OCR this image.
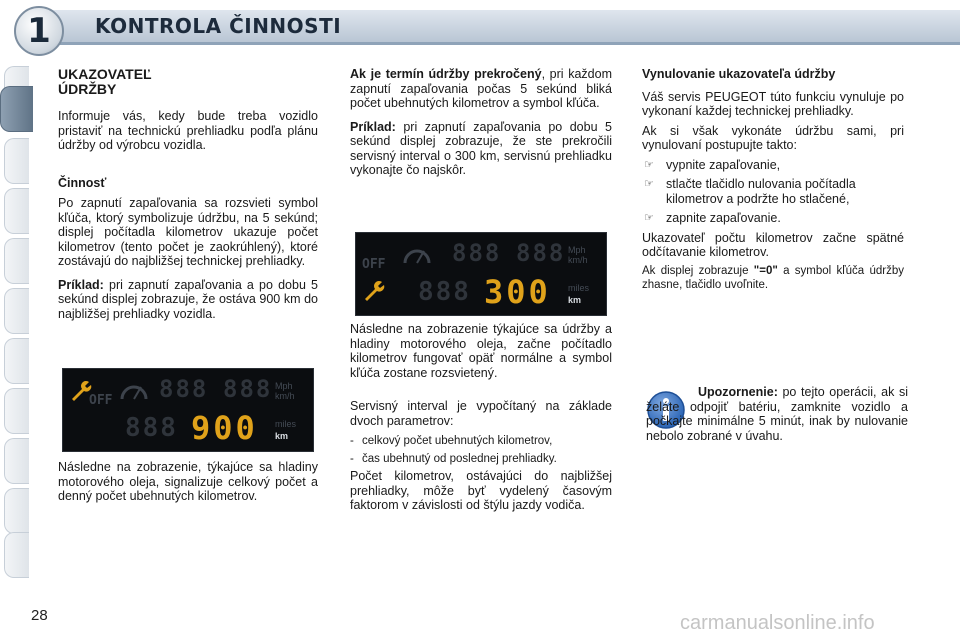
1	KONTROLA ČINNOSTI
UKAZOVATEĽ
ÚDRŽBY

Informuje vás, kedy bude treba vozidlo pristaviť na technickú prehliadku podľa plánu údržby od výrobcu vozidla.

Činnosť

Po zapnutí zapaľovania sa rozsvieti symbol kľúča, ktorý symbolizuje údržbu, na 5 sekúnd; displej počítadla kilometrov ukazuje počet kilometrov (tento počet je zaokrúhlený), ktoré zostávajú do najbližšej technickej prehliadky.

Príklad: pri zapnutí zapaľovania a po dobu 5 sekúnd displej zobrazuje, že ostáva 900 km do najbližšej prehliadky vozidla.

OFF 888 888 Mph km/h
888 900 miles
km

Následne na zobrazenie, týkajúce sa hladiny motorového oleja, signalizuje celkový počet a denný počet ubehnutých kilometrov.

Ak je termín údržby prekročený, pri každom zapnutí zapaľovania počas 5 sekúnd bliká počet ubehnutých kilometrov a symbol kľúča.

Príklad: pri zapnutí zapaľovania po dobu 5 sekúnd displej zobrazuje, že ste prekročili servisný interval o 300 km, servisnú prehliadku vykonajte čo najskôr.

OFF	888 888 Mph km/h
888 300 miles
km

Následne na zobrazenie týkajúce sa údržby a hladiny motorového oleja, začne počítadlo kilometrov fungovať opäť normálne a symbol kľúča zostane rozsvietený.

Servisný interval je vypočítaný na základe dvoch parametrov:

- celkový počet ubehnutých kilometrov,
- čas ubehnutý od poslednej prehliadky.

Počet kilometrov, ostávajúci do najbližšej prehliadky, môže byť vydelený časovým faktorom v závislosti od štýlu jazdy vodiča.

Vynulovanie ukazovateľa údržby

Váš servis PEUGEOT túto funkciu vynuluje po vykonaní každej technickej prehliadky.

Ak si však vykonáte údržbu sami, pri vynulovaní postupujte takto:

☞ vypnite zapaľovanie,
☞ stlačte tlačidlo nulovania počítadla kilometrov a podržte ho stlačené,
☞ zapnite zapaľovanie.

Ukazovateľ počtu kilometrov začne spätné odčítavanie kilometrov.

Ak displej zobrazuje "=0" a symbol kľúča údržby zhasne, tlačidlo uvoľnite.

Upozornenie: po tejto operácii, ak si želáte odpojiť batériu, zamknite vozidlo a počkajte minimálne 5 minút, inak by nulovanie nebolo zobrané v úvahu.

28	carmanualsonline.info
